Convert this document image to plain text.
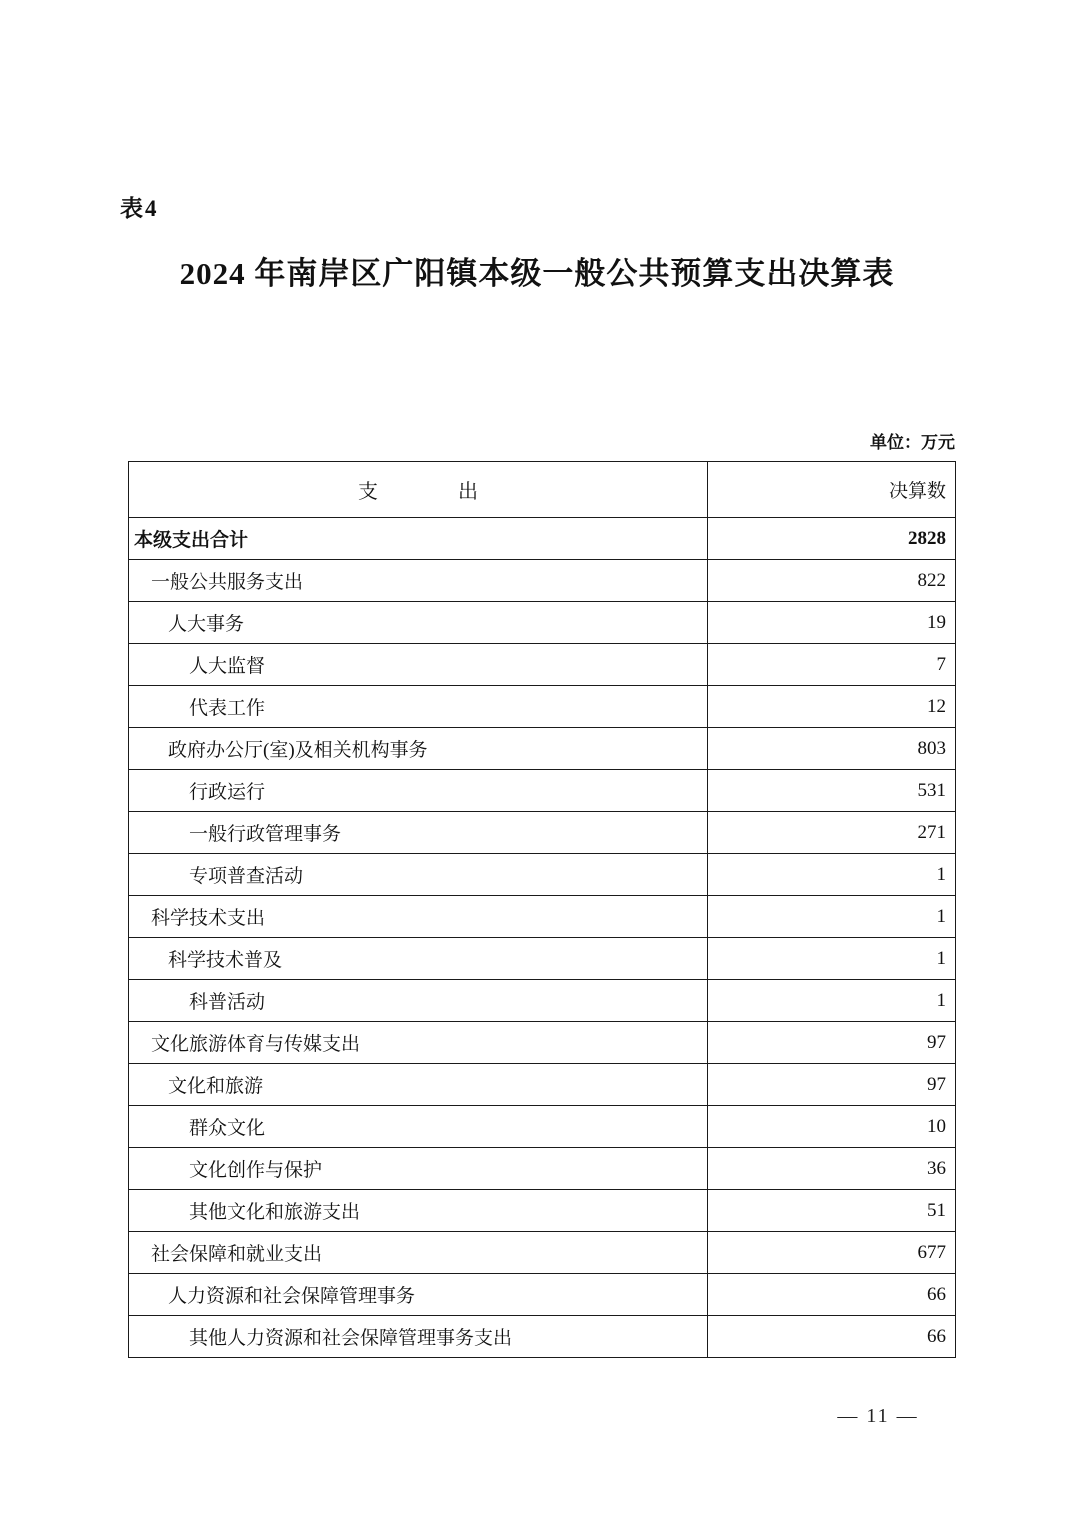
表4
2024 年南岸区广阳镇本级一般公共预算支出决算表
单位：万元
支　　　　出	决算数
本级支出合计	2828
一般公共服务支出	822
人大事务	19
人大监督	7
代表工作	12
政府办公厅(室)及相关机构事务	803
行政运行	531
一般行政管理事务	271
专项普查活动	1
科学技术支出	1
科学技术普及	1
科普活动	1
文化旅游体育与传媒支出	97
文化和旅游	97
群众文化	10
文化创作与保护	36
其他文化和旅游支出	51
社会保障和就业支出	677
人力资源和社会保障管理事务	66
其他人力资源和社会保障管理事务支出	66
— 11 —
